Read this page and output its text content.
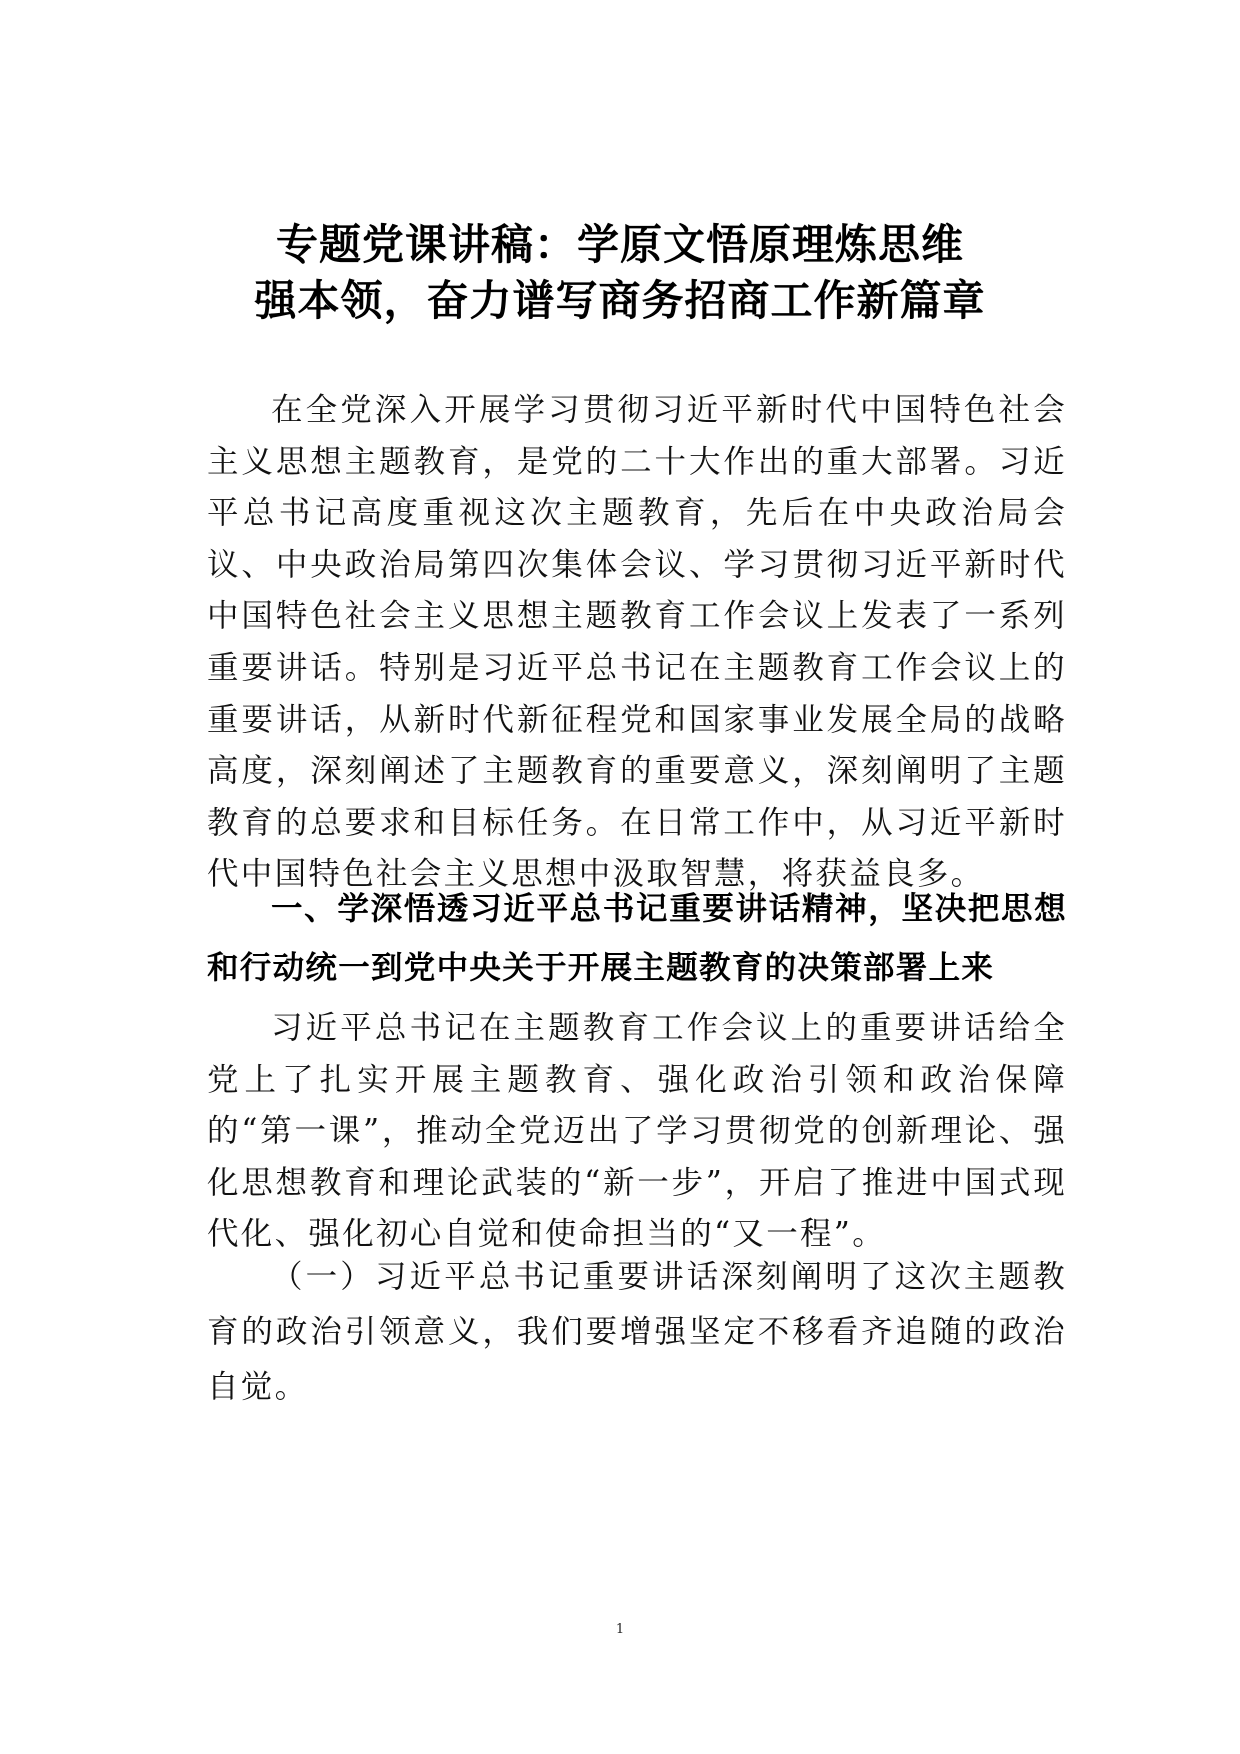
专题党课讲稿：学原文悟原理炼思维
强本领，奋力谱写商务招商工作新篇章

在全党深入开展学习贯彻习近平新时代中国特色社会主义思想主题教育，是党的二十大作出的重大部署。习近平总书记高度重视这次主题教育，先后在中央政治局会议、中央政治局第四次集体会议、学习贯彻习近平新时代中国特色社会主义思想主题教育工作会议上发表了一系列重要讲话。特别是习近平总书记在主题教育工作会议上的重要讲话，从新时代新征程党和国家事业发展全局的战略高度，深刻阐述了主题教育的重要意义，深刻阐明了主题教育的总要求和目标任务。在日常工作中，从习近平新时代中国特色社会主义思想中汲取智慧，将获益良多。

一、学深悟透习近平总书记重要讲话精神，坚决把思想和行动统一到党中央关于开展主题教育的决策部署上来

习近平总书记在主题教育工作会议上的重要讲话给全党上了扎实开展主题教育、强化政治引领和政治保障的“第一课”，推动全党迈出了学习贯彻党的创新理论、强化思想教育和理论武装的“新一步”，开启了推进中国式现代化、强化初心自觉和使命担当的“又一程”。

（一）习近平总书记重要讲话深刻阐明了这次主题教育的政治引领意义，我们要增强坚定不移看齐追随的政治自觉。

1
